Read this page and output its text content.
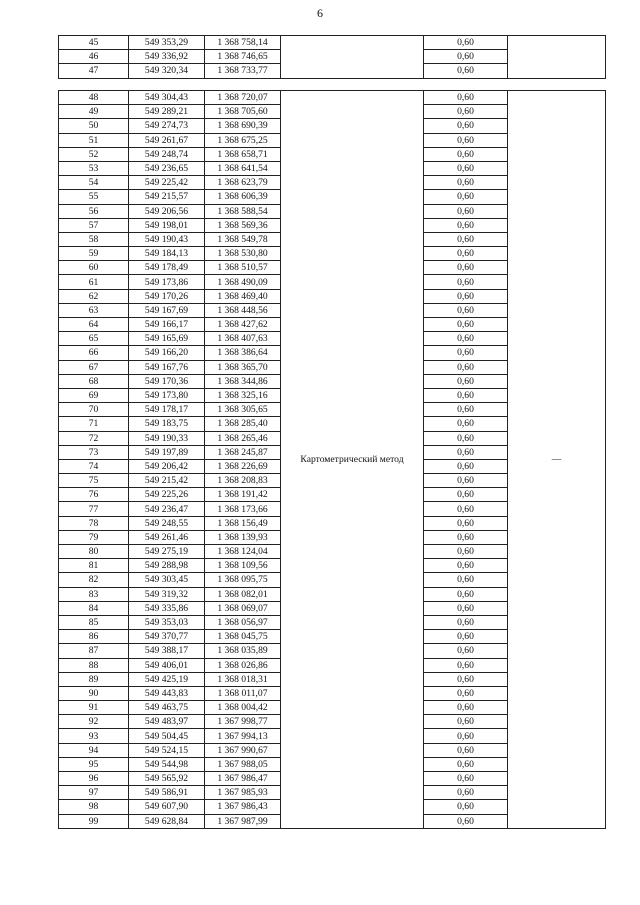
6
45	549 353,29	1 368 758,14		0,60	
46	549 336,92	1 368 746,65		0,60	
47	549 320,34	1 368 733,77		0,60	
48	549 304,43	1 368 720,07	Картометрический метод	0,60	—
49	549 289,21	1 368 705,60		0,60	
50	549 274,73	1 368 690,39		0,60	
51	549 261,67	1 368 675,25		0,60	
52	549 248,74	1 368 658,71		0,60	
53	549 236,65	1 368 641,54		0,60	
54	549 225,42	1 368 623,79		0,60	
55	549 215,57	1 368 606,39		0,60	
56	549 206,56	1 368 588,54		0,60	
57	549 198,01	1 368 569,36		0,60	
58	549 190,43	1 368 549,78		0,60	
59	549 184,13	1 368 530,80		0,60	
60	549 178,49	1 368 510,57		0,60	
61	549 173,86	1 368 490,09		0,60	
62	549 170,26	1 368 469,40		0,60	
63	549 167,69	1 368 448,56		0,60	
64	549 166,17	1 368 427,62		0,60	
65	549 165,69	1 368 407,63		0,60	
66	549 166,20	1 368 386,64		0,60	
67	549 167,76	1 368 365,70		0,60	
68	549 170,36	1 368 344,86		0,60	
69	549 173,80	1 368 325,16		0,60	
70	549 178,17	1 368 305,65		0,60	
71	549 183,75	1 368 285,40		0,60	
72	549 190,33	1 368 265,46		0,60	
73	549 197,89	1 368 245,87		0,60	
74	549 206,42	1 368 226,69		0,60	
75	549 215,42	1 368 208,83		0,60	
76	549 225,26	1 368 191,42		0,60	
77	549 236,47	1 368 173,66		0,60	
78	549 248,55	1 368 156,49		0,60	
79	549 261,46	1 368 139,93		0,60	
80	549 275,19	1 368 124,04		0,60	
81	549 288,98	1 368 109,56		0,60	
82	549 303,45	1 368 095,75		0,60	
83	549 319,32	1 368 082,01		0,60	
84	549 335,86	1 368 069,07		0,60	
85	549 353,03	1 368 056,97		0,60	
86	549 370,77	1 368 045,75		0,60	
87	549 388,17	1 368 035,89		0,60	
88	549 406,01	1 368 026,86		0,60	
89	549 425,19	1 368 018,31		0,60	
90	549 443,83	1 368 011,07		0,60	
91	549 463,75	1 368 004,42		0,60	
92	549 483,97	1 367 998,77		0,60	
93	549 504,45	1 367 994,13		0,60	
94	549 524,15	1 367 990,67		0,60	
95	549 544,98	1 367 988,05		0,60	
96	549 565,92	1 367 986,47		0,60	
97	549 586,91	1 367 985,93		0,60	
98	549 607,90	1 367 986,43		0,60	
99	549 628,84	1 367 987,99		0,60	
